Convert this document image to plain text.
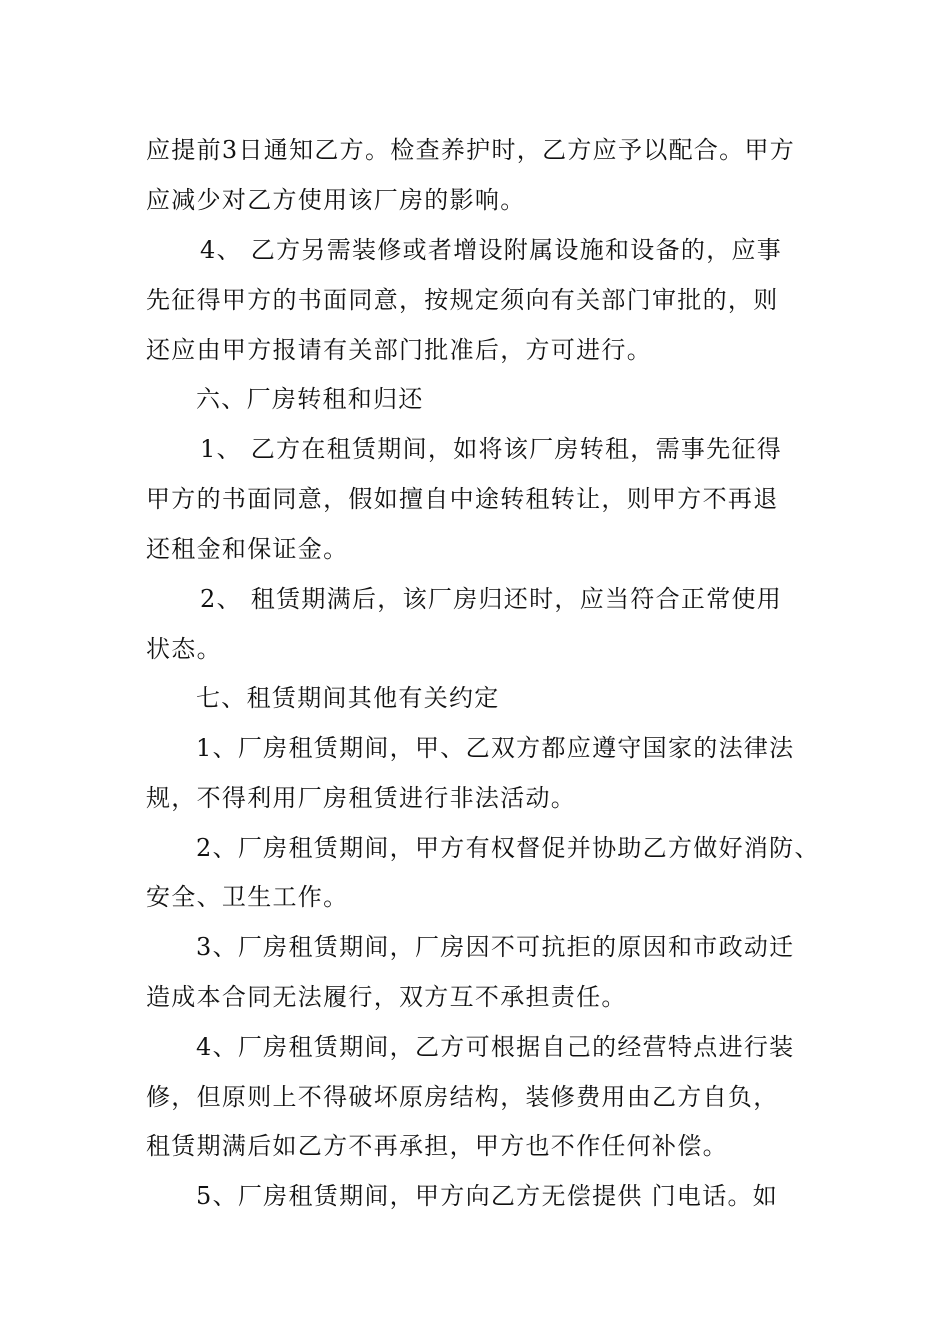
应提前3日通知乙方。检查养护时，乙方应予以配合。甲方
应减少对乙方使用该厂房的影响。
4、 乙方另需装修或者增设附属设施和设备的，应事
先征得甲方的书面同意，按规定须向有关部门审批的，则
还应由甲方报请有关部门批准后，方可进行。
六、厂房转租和归还
1、 乙方在租赁期间，如将该厂房转租，需事先征得
甲方的书面同意，假如擅自中途转租转让，则甲方不再退
还租金和保证金。
2、 租赁期满后，该厂房归还时，应当符合正常使用
状态。
七、租赁期间其他有关约定
1、厂房租赁期间，甲、乙双方都应遵守国家的法律法
规，不得利用厂房租赁进行非法活动。
2、厂房租赁期间，甲方有权督促并协助乙方做好消防、
安全、卫生工作。
3、厂房租赁期间，厂房因不可抗拒的原因和市政动迁
造成本合同无法履行，双方互不承担责任。
4、厂房租赁期间，乙方可根据自己的经营特点进行装
修，但原则上不得破坏原房结构，装修费用由乙方自负，
租赁期满后如乙方不再承担，甲方也不作任何补偿。
5、厂房租赁期间，甲方向乙方无偿提供 门电话。如
